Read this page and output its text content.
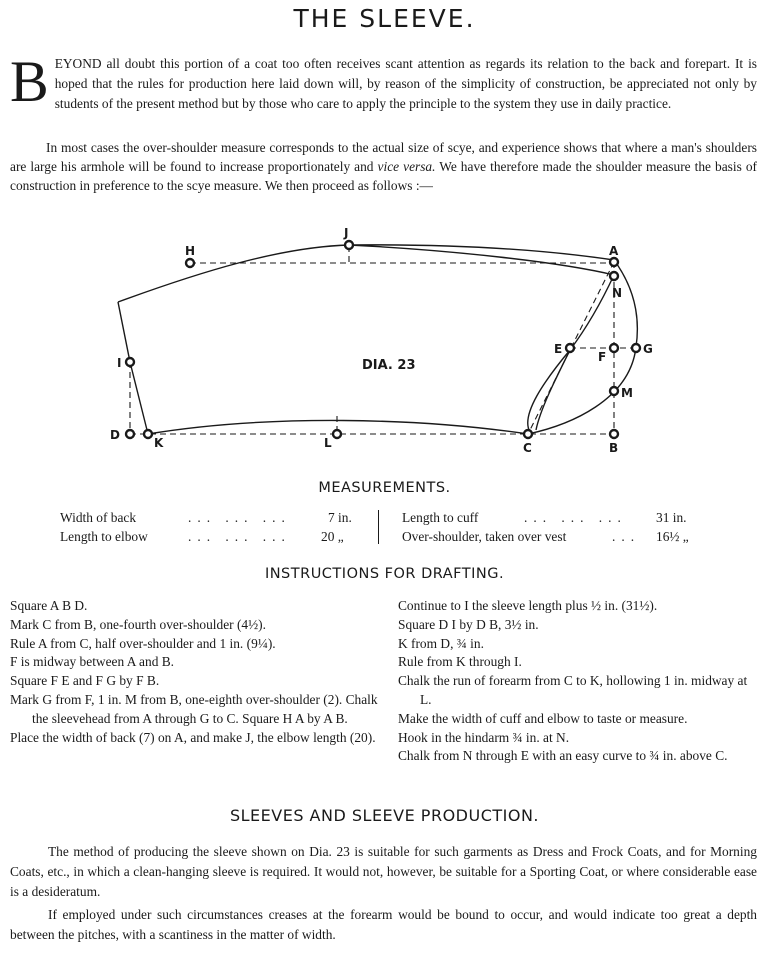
THE SLEEVE.

BEYOND all doubt this portion of a coat too often receives scant attention as regards its relation to the back and forepart. It is hoped that the rules for production here laid down will, by reason of the simplicity of construction, be appreciated not only by students of the present method but by those who care to apply the principle to the system they use in daily practice.

In most cases the over-shoulder measure corresponds to the actual size of scye, and experience shows that where a man's shoulders are large his armhole will be found to increase proportionately and vice versa. We have therefore made the shoulder measure the basis of construction in preference to the scye measure. We then proceed as follows :—

H
J
A
N
I
E
F
G
M
D
K	L	C	B
DIA. 23
MEASUREMENTS.
Width of back	... ... ...	7 in.
Length to elbow	... ... ... 20 „
Length to cuff	... ... ... 31 in.
Over-shoulder, taken over vest	... 16½ „
INSTRUCTIONS FOR DRAFTING.
Square A B D.
Mark C from B, one-fourth over-shoulder (4½).
Rule A from C, half over-shoulder and 1 in. (9¼).
F is midway between A and B.
Square F E and F G by F B.
Mark G from F, 1 in. M from B, one-eighth over-shoulder (2). Chalk the sleevehead from A through G to C. Square H A by A B.
Place the width of back (7) on A, and make J, the elbow length (20).
Continue to I the sleeve length plus ½ in. (31½).
Square D I by D B, 3½ in.
K from D, ¾ in.
Rule from K through I.
Chalk the run of forearm from C to K, hollowing 1 in. midway at L.
Make the width of cuff and elbow to taste or measure.
Hook in the hindarm ¾ in. at N.
Chalk from N through E with an easy curve to ¾ in. above C.
SLEEVES AND SLEEVE PRODUCTION.

The method of producing the sleeve shown on Dia. 23 is suitable for such garments as Dress and Frock Coats, and for Morning Coats, etc., in which a clean-hanging sleeve is required. It would not, however, be suitable for a Sporting Coat, or where considerable ease is a desideratum.

If employed under such circumstances creases at the forearm would be bound to occur, and would indicate too great a depth between the pitches, with a scantiness in the matter of width.
